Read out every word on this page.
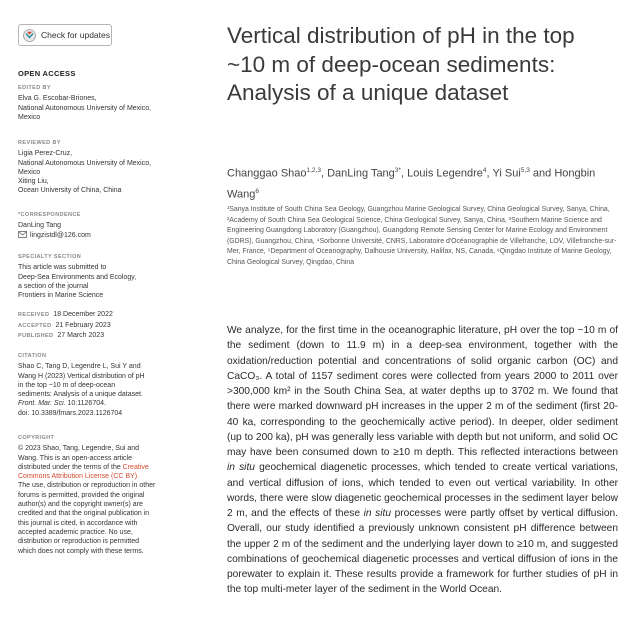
Check for updates
OPEN ACCESS
EDITED BY
Elva G. Escobar-Briones,
National Autonomous University of Mexico,
Mexico
REVIEWED BY
Ligia Perez-Cruz,
National Autonomous University of Mexico,
Mexico
Xiting Liu,
Ocean University of China, China
*CORRESPONDENCE
DanLing Tang
lingzistdl@126.com
SPECIALTY SECTION
This article was submitted to
Deep-Sea Environments and Ecology,
a section of the journal
Frontiers in Marine Science
RECEIVED 18 December 2022
ACCEPTED 21 February 2023
PUBLISHED 27 March 2023
CITATION
Shao C, Tang D, Legendre L, Sui Y and
Wang H (2023) Vertical distribution of pH
in the top ~10 m of deep-ocean
sediments: Analysis of a unique dataset.
Front. Mar. Sci. 10:1126704.
doi: 10.3389/fmars.2023.1126704
COPYRIGHT
© 2023 Shao, Tang, Legendre, Sui and
Wang. This is an open-access article
distributed under the terms of the Creative
Commons Attribution License (CC BY).
The use, distribution or reproduction in other
forums is permitted, provided the original
author(s) and the copyright owner(s) are
credited and that the original publication in
this journal is cited, in accordance with
accepted academic practice. No use,
distribution or reproduction is permitted
which does not comply with these terms.
Vertical distribution of pH in the top ~10 m of deep-ocean sediments: Analysis of a unique dataset
Changgao Shao$^{1,2,3}$, DanLing Tang$^{3*}$, Louis Legendre$^4$, Yi Sui$^{5,3}$ and Hongbin Wang$^6$
¹Sanya Institute of South China Sea Geology, Guangzhou Marine Geological Survey, China Geological Survey, Sanya, China, ²Academy of South China Sea Geological Science, China Geological Survey, Sanya, China, ³Southern Marine Science and Engineering Guangdong Laboratory (Guangzhou), Guangdong Remote Sensing Center for Marine Ecology and Environment (GDRS), Guangzhou, China, ⁴Sorbonne Université, CNRS, Laboratoire d'Océanographie de Villefranche, LOV, Villefranche-sur-Mer, France, ⁵Department of Oceanography, Dalhousie University, Halifax, NS, Canada, ⁶Qingdao Institute of Marine Geology, China Geological Survey, Qingdao, China
We analyze, for the first time in the oceanographic literature, pH over the top ~10 m of the sediment (down to 11.9 m) in a deep-sea environment, together with the oxidation/reduction potential and concentrations of solid organic carbon (OC) and CaCO₃. A total of 1157 sediment cores were collected from years 2000 to 2011 over >300,000 km² in the South China Sea, at water depths up to 3702 m. We found that there were marked downward pH increases in the upper 2 m of the sediment (first 20-40 ka, corresponding to the geochemically active period). In deeper, older sediment (up to 200 ka), pH was generally less variable with depth but not uniform, and solid OC may have been consumed down to ≥10 m depth. This reflected interactions between in situ geochemical diagenetic processes, which tended to create vertical variations, and vertical diffusion of ions, which tended to even out vertical variability. In other words, there were slow diagenetic geochemical processes in the sediment layer below 2 m, and the effects of these in situ processes were partly offset by vertical diffusion. Overall, our study identified a previously unknown consistent pH difference between the upper 2 m of the sediment and the underlying layer down to ≥10 m, and suggested combinations of geochemical diagenetic processes and vertical diffusion of ions in the porewater to explain it. These results provide a framework for further studies of pH in the top multi-meter layer of the sediment in the World Ocean.
